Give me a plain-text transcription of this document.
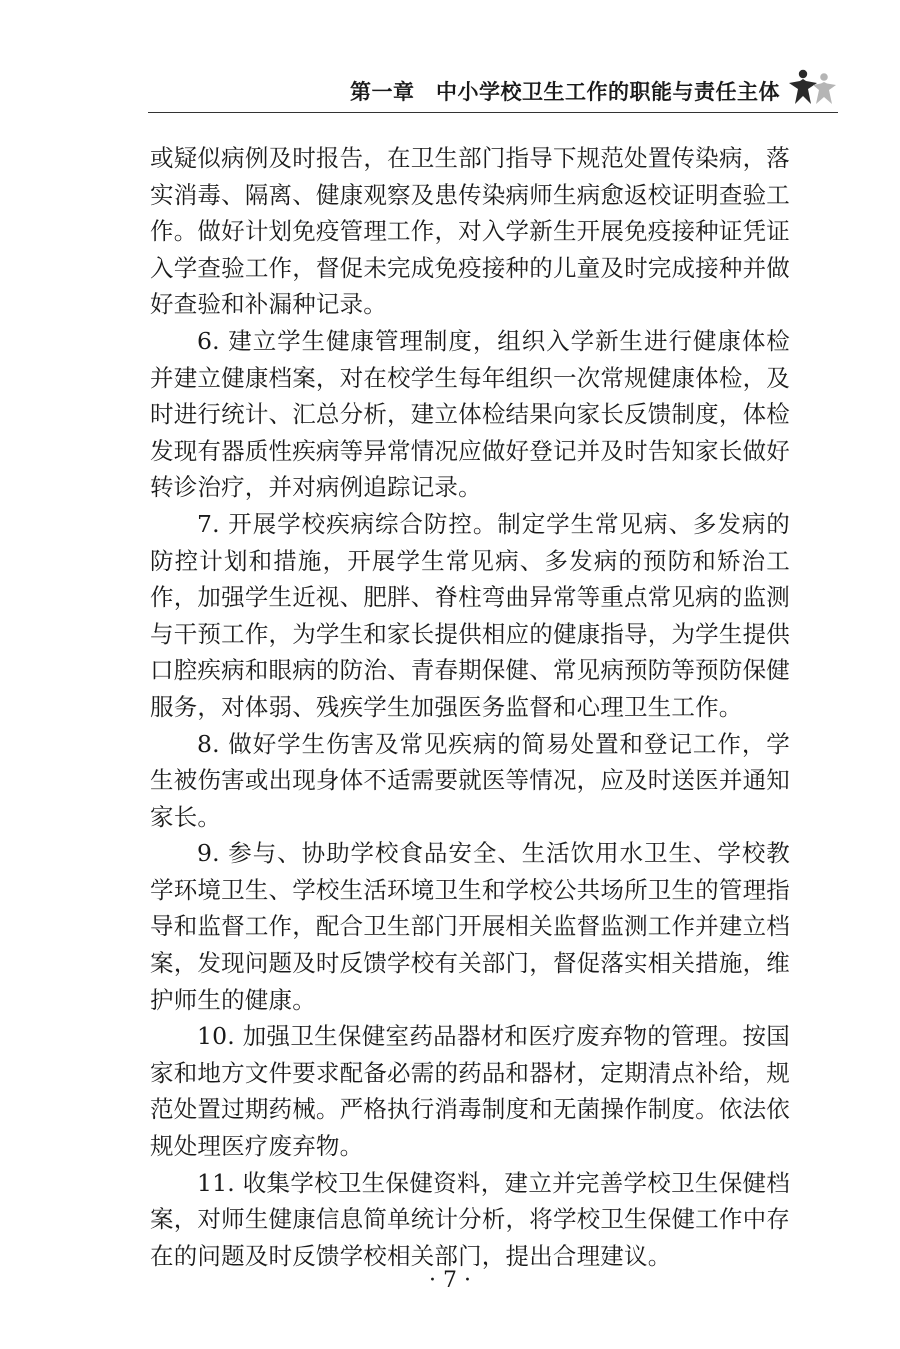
第一章　中小学校卫生工作的职能与责任主体

或疑似病例及时报告，在卫生部门指导下规范处置传染病，落实消毒、隔离、健康观察及患传染病师生病愈返校证明查验工作。做好计划免疫管理工作，对入学新生开展免疫接种证凭证入学查验工作，督促未完成免疫接种的儿童及时完成接种并做好查验和补漏种记录。

6. 建立学生健康管理制度，组织入学新生进行健康体检并建立健康档案，对在校学生每年组织一次常规健康体检，及时进行统计、汇总分析，建立体检结果向家长反馈制度，体检发现有器质性疾病等异常情况应做好登记并及时告知家长做好转诊治疗，并对病例追踪记录。

7. 开展学校疾病综合防控。制定学生常见病、多发病的防控计划和措施，开展学生常见病、多发病的预防和矫治工作，加强学生近视、肥胖、脊柱弯曲异常等重点常见病的监测与干预工作，为学生和家长提供相应的健康指导，为学生提供口腔疾病和眼病的防治、青春期保健、常见病预防等预防保健服务，对体弱、残疾学生加强医务监督和心理卫生工作。

8. 做好学生伤害及常见疾病的简易处置和登记工作，学生被伤害或出现身体不适需要就医等情况，应及时送医并通知家长。

9. 参与、协助学校食品安全、生活饮用水卫生、学校教学环境卫生、学校生活环境卫生和学校公共场所卫生的管理指导和监督工作，配合卫生部门开展相关监督监测工作并建立档案，发现问题及时反馈学校有关部门，督促落实相关措施，维护师生的健康。

10. 加强卫生保健室药品器材和医疗废弃物的管理。按国家和地方文件要求配备必需的药品和器材，定期清点补给，规范处置过期药械。严格执行消毒制度和无菌操作制度。依法依规处理医疗废弃物。

11. 收集学校卫生保健资料，建立并完善学校卫生保健档案，对师生健康信息简单统计分析，将学校卫生保健工作中存在的问题及时反馈学校相关部门，提出合理建议。

· 7 ·
